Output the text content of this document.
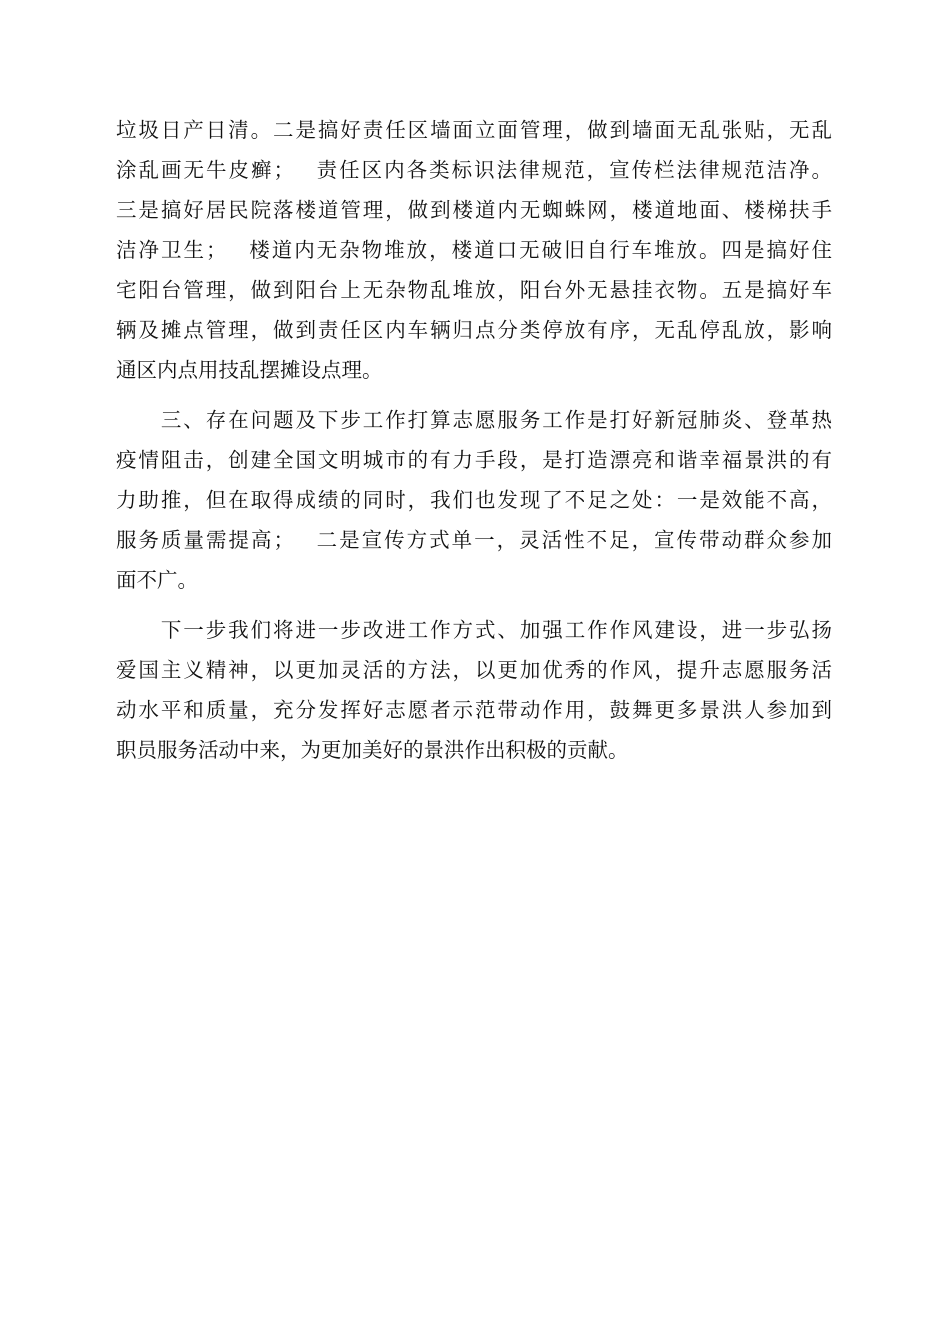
垃圾日产日清。二是搞好责任区墙面立面管理，做到墙面无乱张贴，无乱
涂乱画无牛皮癣；　 责任区内各类标识法律规范，宣传栏法律规范洁净。
三是搞好居民院落楼道管理，做到楼道内无蜘蛛网，楼道地面、楼梯扶手
洁净卫生；　 楼道内无杂物堆放，楼道口无破旧自行车堆放。四是搞好住
宅阳台管理，做到阳台上无杂物乱堆放，阳台外无悬挂衣物。五是搞好车
辆及摊点管理，做到责任区内车辆归点分类停放有序，无乱停乱放，影响
通区内点用技乱摆摊设点理。
　　三、存在问题及下步工作打算志愿服务工作是打好新冠肺炎、登革热
疫情阻击，创建全国文明城市的有力手段，是打造漂亮和谐幸福景洪的有
力助推，但在取得成绩的同时，我们也发现了不足之处：一是效能不高，
服务质量需提高；　 二是宣传方式单一，灵活性不足，宣传带动群众参加
面不广。
　　下一步我们将进一步改进工作方式、加强工作作风建设，进一步弘扬
爱国主义精神，以更加灵活的方法，以更加优秀的作风，提升志愿服务活
动水平和质量，充分发挥好志愿者示范带动作用，鼓舞更多景洪人参加到
职员服务活动中来，为更加美好的景洪作出积极的贡献。
